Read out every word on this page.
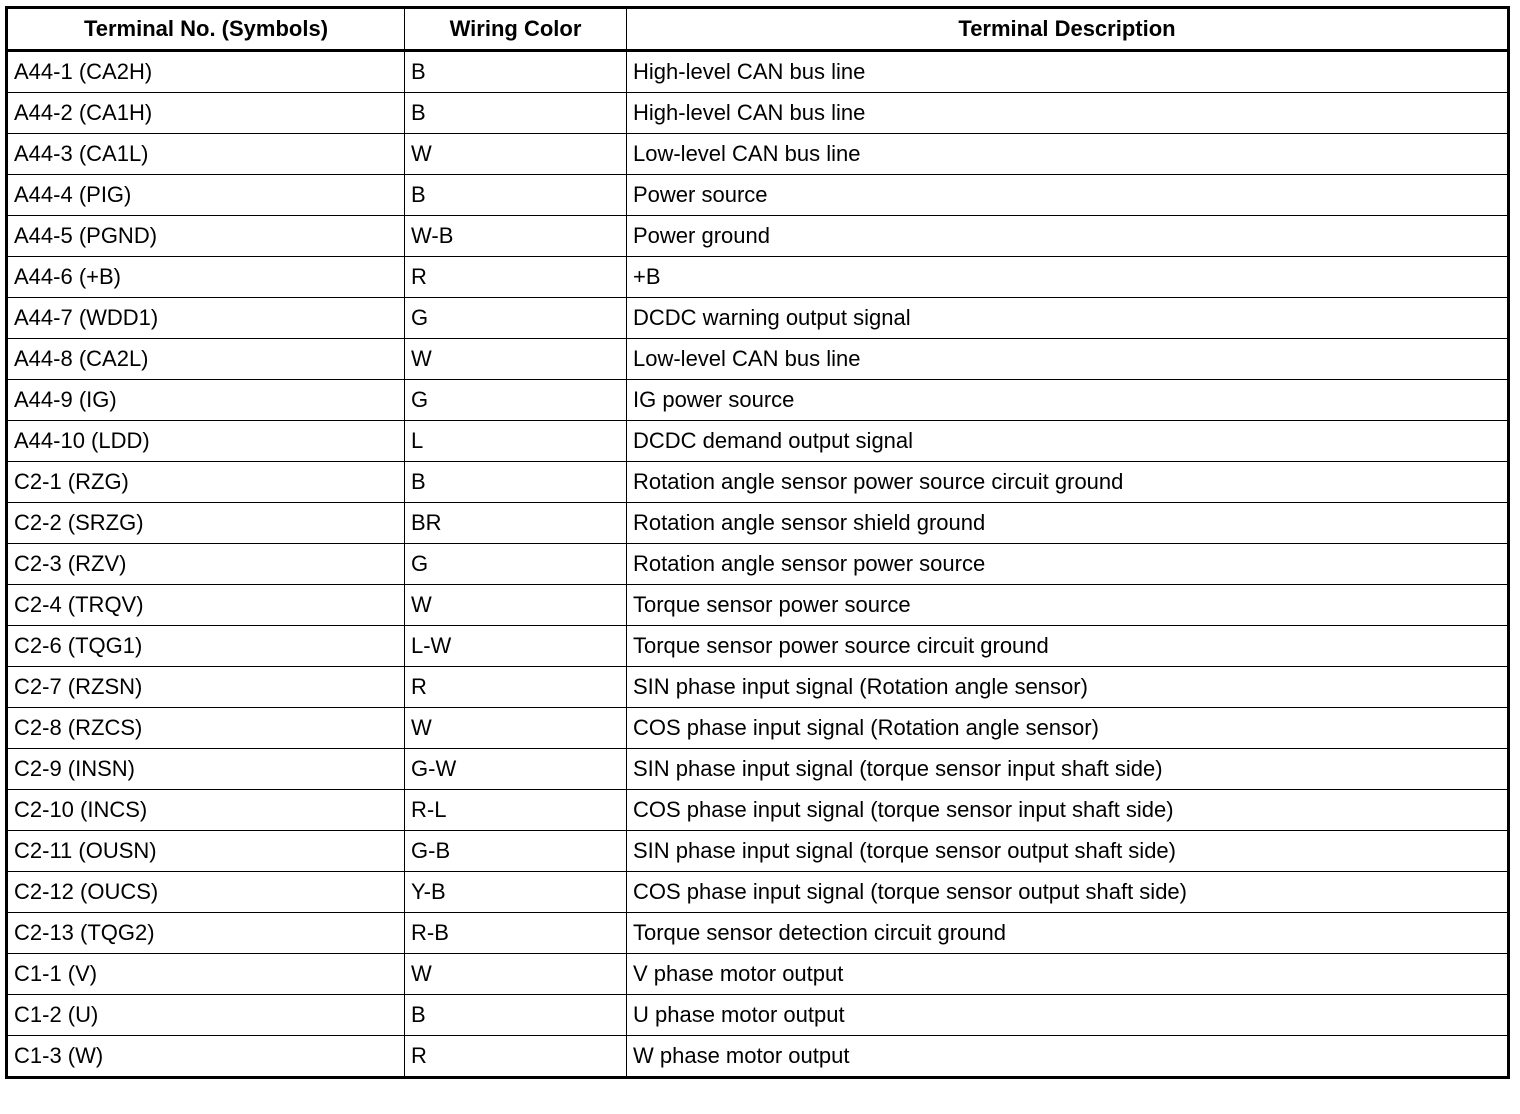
Terminal No. (Symbols)	Wiring Color	Terminal Description
A44-1 (CA2H)	B	High-level CAN bus line
A44-2 (CA1H)	B	High-level CAN bus line
A44-3 (CA1L)	W	Low-level CAN bus line
A44-4 (PIG)	B	Power source
A44-5 (PGND)	W-B	Power ground
A44-6 (+B)	R	+B
A44-7 (WDD1)	G	DCDC warning output signal
A44-8 (CA2L)	W	Low-level CAN bus line
A44-9 (IG)	G	IG power source
A44-10 (LDD)	L	DCDC demand output signal
C2-1 (RZG)	B	Rotation angle sensor power source circuit ground
C2-2 (SRZG)	BR	Rotation angle sensor shield ground
C2-3 (RZV)	G	Rotation angle sensor power source
C2-4 (TRQV)	W	Torque sensor power source
C2-6 (TQG1)	L-W	Torque sensor power source circuit ground
C2-7 (RZSN)	R	SIN phase input signal (Rotation angle sensor)
C2-8 (RZCS)	W	COS phase input signal (Rotation angle sensor)
C2-9 (INSN)	G-W	SIN phase input signal (torque sensor input shaft side)
C2-10 (INCS)	R-L	COS phase input signal (torque sensor input shaft side)
C2-11 (OUSN)	G-B	SIN phase input signal (torque sensor output shaft side)
C2-12 (OUCS)	Y-B	COS phase input signal (torque sensor output shaft side)
C2-13 (TQG2)	R-B	Torque sensor detection circuit ground
C1-1 (V)	W	V phase motor output
C1-2 (U)	B	U phase motor output
C1-3 (W)	R	W phase motor output
